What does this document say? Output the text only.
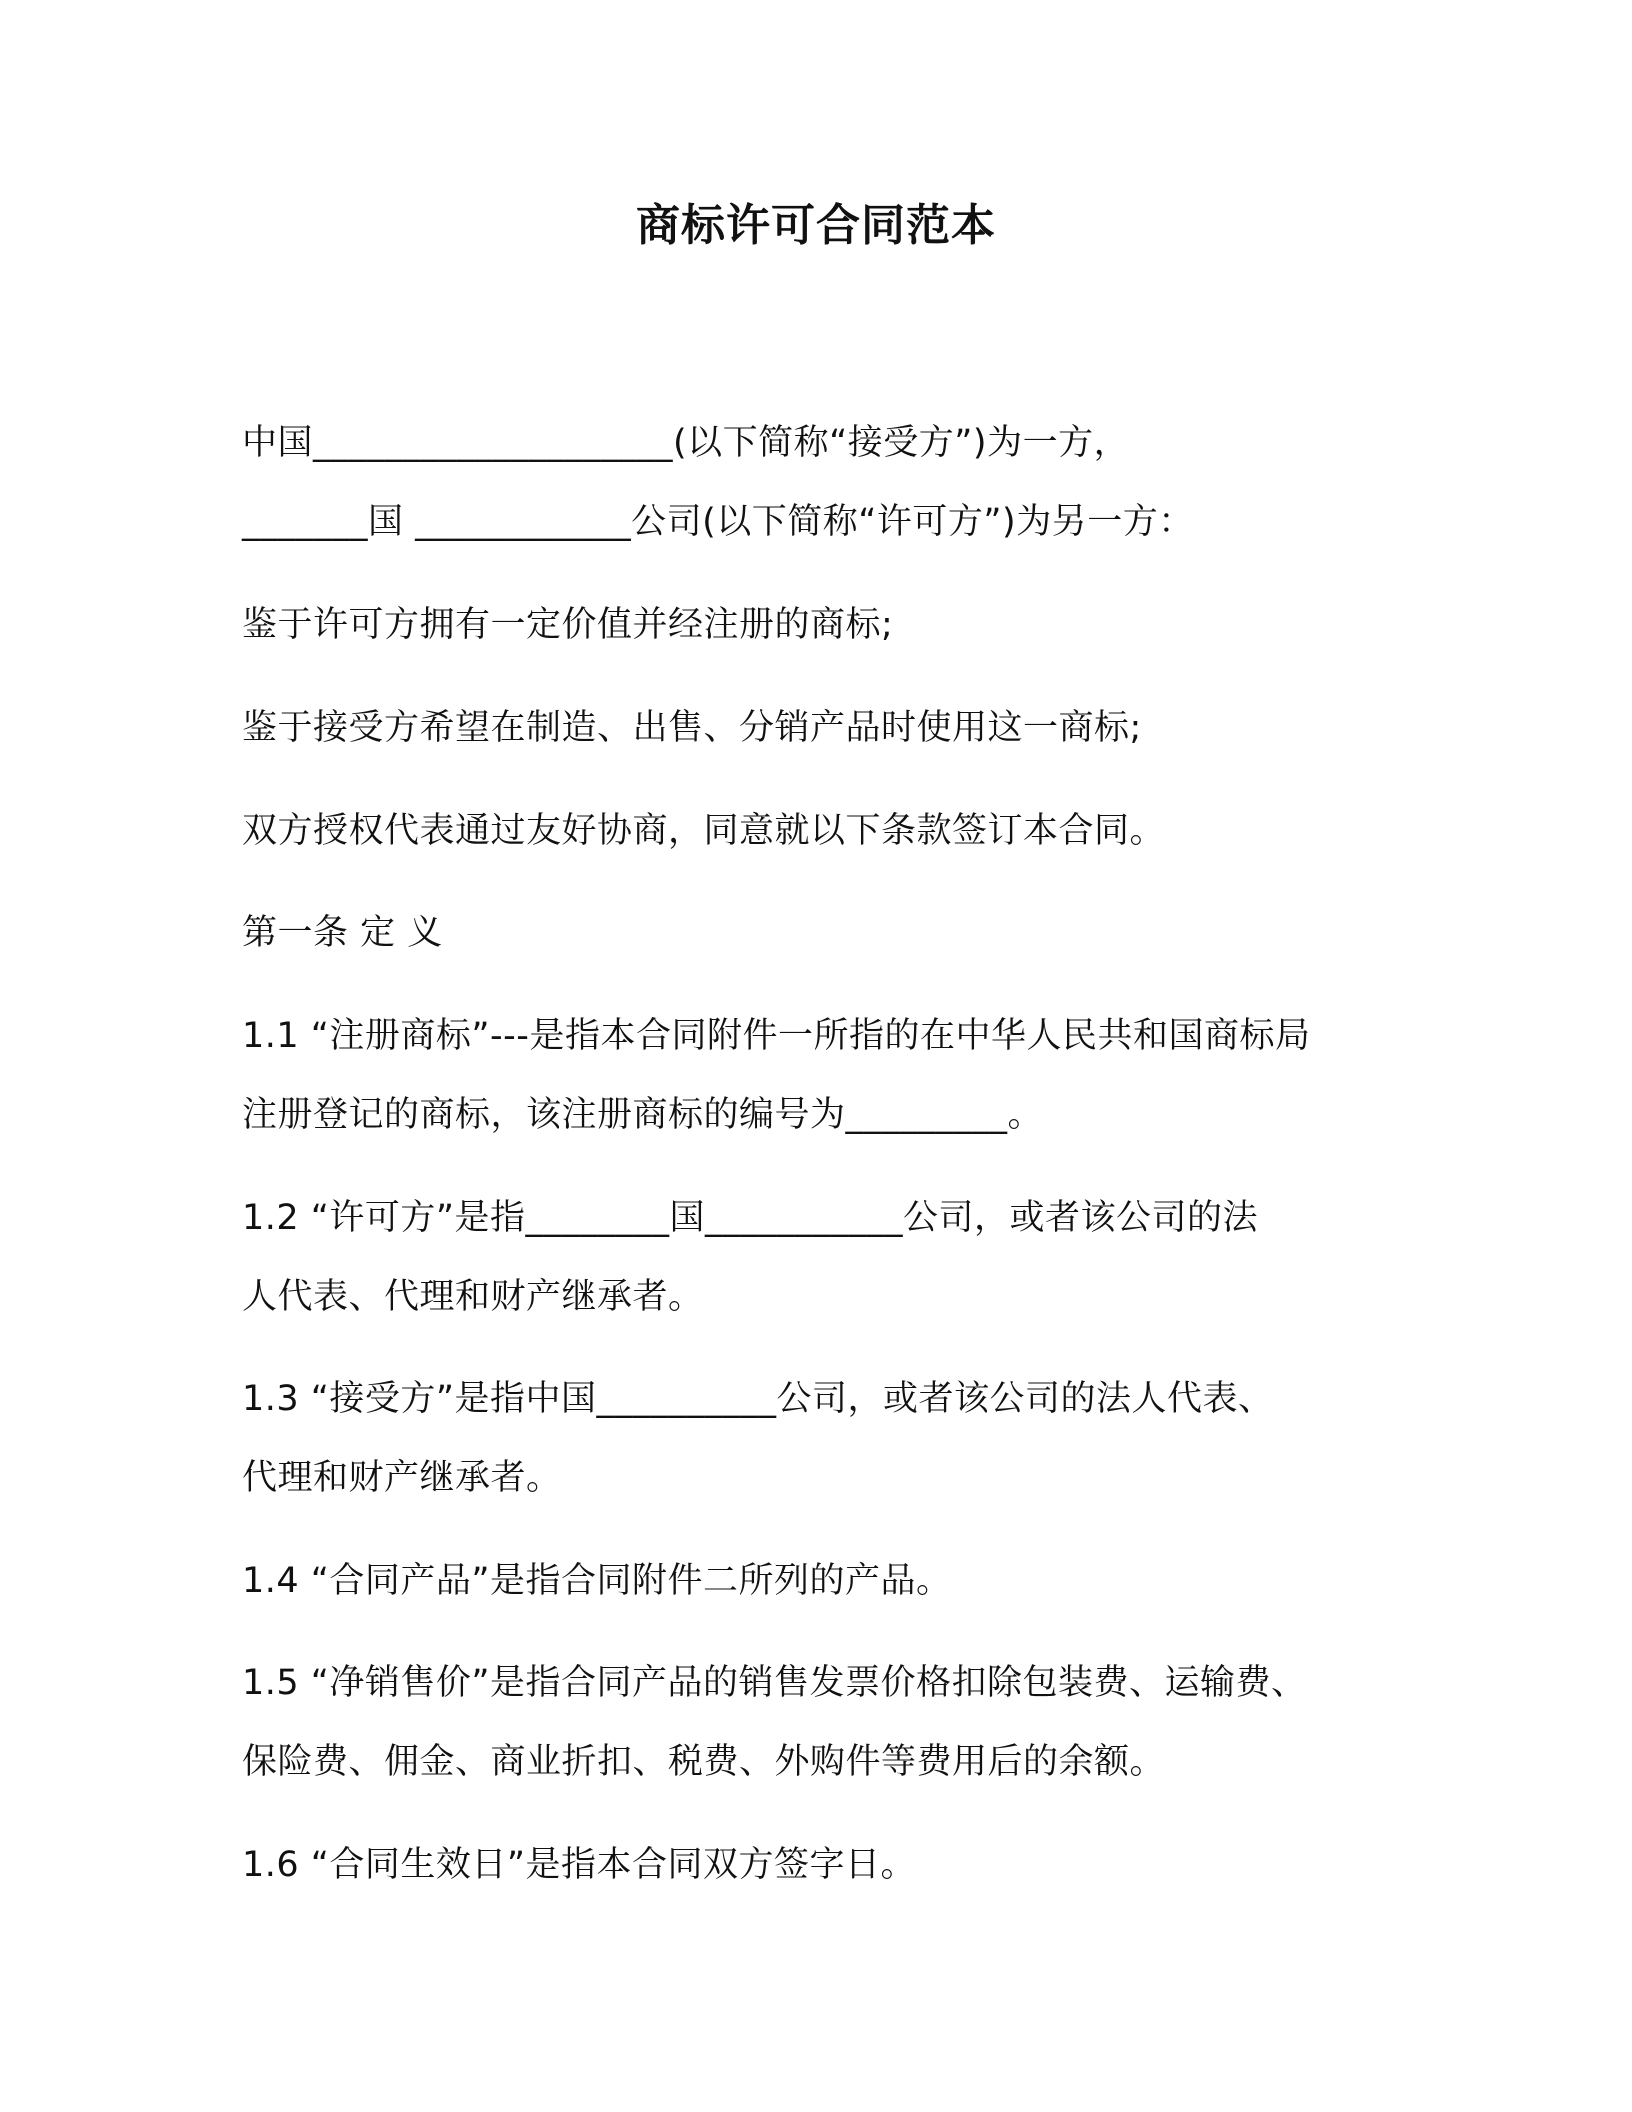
商标许可合同范本
中国____________________(以下简称“接受方”)为一方，
_______国 ____________公司(以下简称“许可方”)为另一方：
鉴于许可方拥有一定价值并经注册的商标;
鉴于接受方希望在制造、出售、分销产品时使用这一商标;
双方授权代表通过友好协商，同意就以下条款签订本合同。
第一条 定 义
1.1 “注册商标”---是指本合同附件一所指的在中华人民共和国商标局
注册登记的商标，该注册商标的编号为_________。
1.2 “许可方”是指________国___________公司，或者该公司的法
人代表、代理和财产继承者。
1.3 “接受方”是指中国__________公司，或者该公司的法人代表、
代理和财产继承者。
1.4 “合同产品”是指合同附件二所列的产品。
1.5 “净销售价”是指合同产品的销售发票价格扣除包装费、运输费、
保险费、佣金、商业折扣、税费、外购件等费用后的余额。
1.6 “合同生效日”是指本合同双方签字日。
